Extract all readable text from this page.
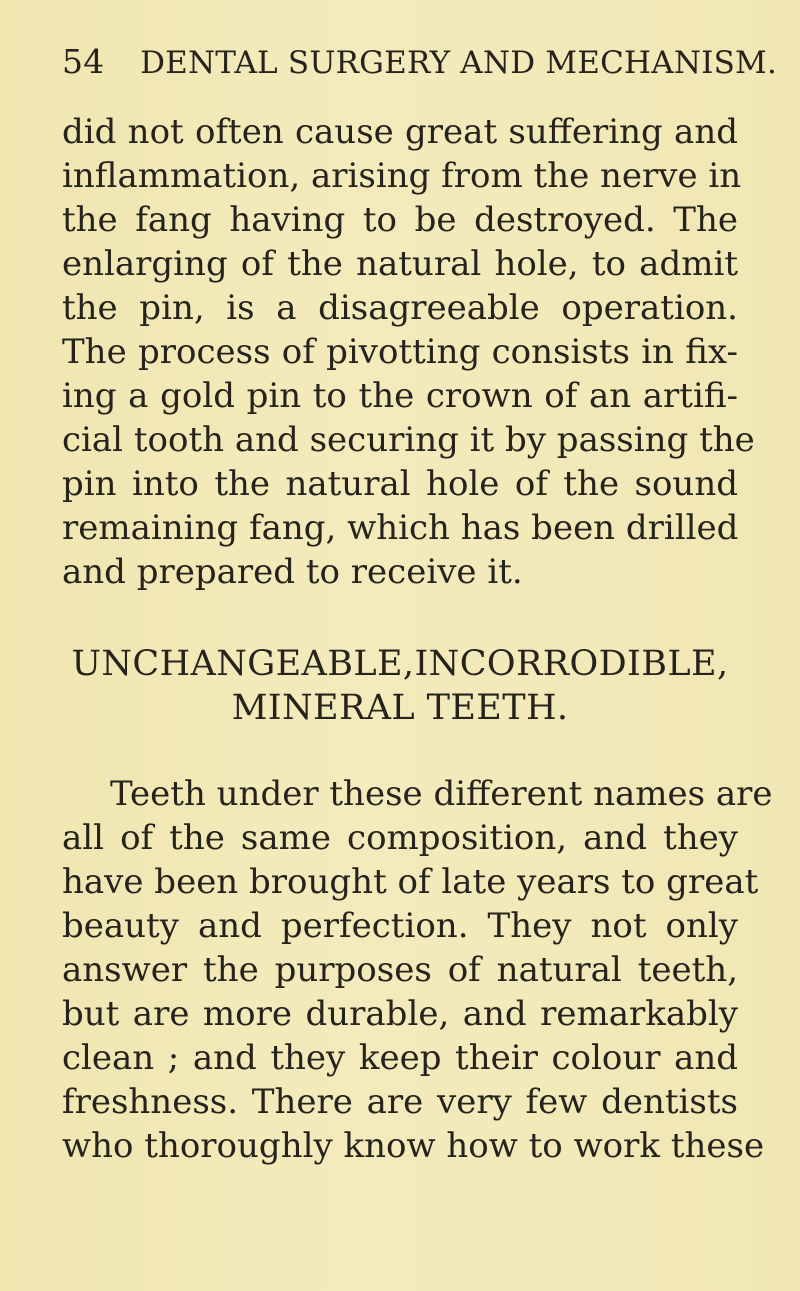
54 DENTAL SURGERY AND MECHANISM.
did not often cause great suffering and
inflammation, arising from the nerve in
the fang having to be destroyed. The
enlarging of the natural hole, to admit
the pin, is a disagreeable operation.
The process of pivotting consists in fix-
ing a gold pin to the crown of an artifi-
cial tooth and securing it by passing the
pin into the natural hole of the sound
remaining fang, which has been drilled
and prepared to receive it.
UNCHANGEABLE,INCORRODIBLE,
MINERAL TEETH.
Teeth under these different names are
all of the same composition, and they
have been brought of late years to great
beauty and perfection. They not only
answer the purposes of natural teeth,
but are more durable, and remarkably
clean ; and they keep their colour and
freshness. There are very few dentists
who thoroughly know how to work these
